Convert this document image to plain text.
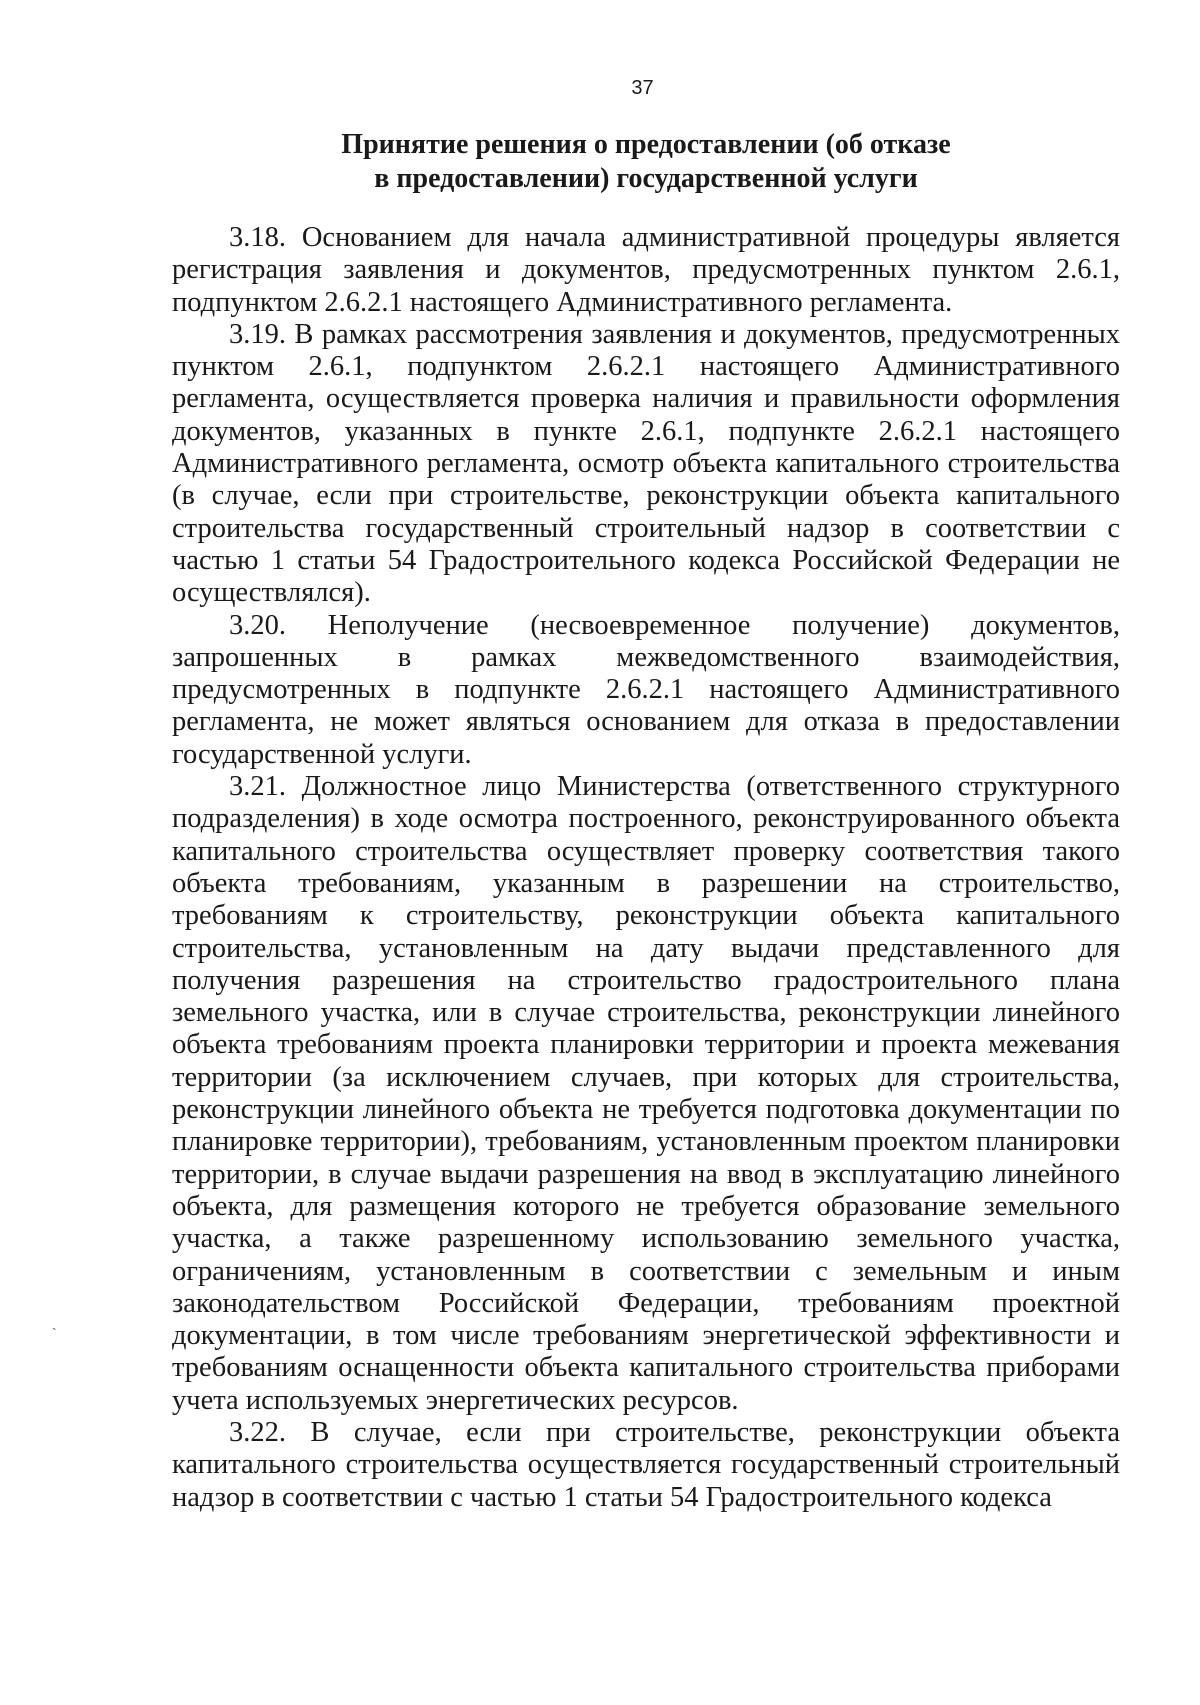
37
Принятие решения о предоставлении (об отказе
в предоставлении) государственной услуги

3.18. Основанием для начала административной процедуры является регистрация заявления и документов, предусмотренных пунктом 2.6.1, подпунктом 2.6.2.1 настоящего Административного регламента.

3.19. В рамках рассмотрения заявления и документов, предусмотренных пунктом 2.6.1, подпунктом 2.6.2.1 настоящего Административного регламента, осуществляется проверка наличия и правильности оформления документов, указанных в пункте 2.6.1, подпункте 2.6.2.1 настоящего Административного регламента, осмотр объекта капитального строительства (в случае, если при строительстве, реконструкции объекта капитального строительства государственный строительный надзор в соответствии с частью 1 статьи 54 Градостроительного кодекса Российской Федерации не осуществлялся).

3.20. Неполучение (несвоевременное получение) документов, запрошенных в рамках межведомственного взаимодействия, предусмотренных в подпункте 2.6.2.1 настоящего Административного регламента, не может являться основанием для отказа в предоставлении государственной услуги.

3.21. Должностное лицо Министерства (ответственного структурного подразделения) в ходе осмотра построенного, реконструированного объекта капитального строительства осуществляет проверку соответствия такого объекта требованиям, указанным в разрешении на строительство, требованиям к строительству, реконструкции объекта капитального строительства, установленным на дату выдачи представленного для получения разрешения на строительство градостроительного плана земельного участка, или в случае строительства, реконструкции линейного объекта требованиям проекта планировки территории и проекта межевания территории (за исключением случаев, при которых для строительства, реконструкции линейного объекта не требуется подготовка документации по планировке территории), требованиям, установленным проектом планировки территории, в случае выдачи разрешения на ввод в эксплуатацию линейного объекта, для размещения которого не требуется образование земельного участка, а также разрешенному использованию земельного участка, ограничениям, установленным в соответствии с земельным и иным законодательством Российской Федерации, требованиям проектной документации, в том числе требованиям энергетической эффективности и требованиям оснащенности объекта капитального строительства приборами учета используемых энергетических ресурсов.

3.22. В случае, если при строительстве, реконструкции объекта капитального строительства осуществляется государственный строительный надзор в соответствии с частью 1 статьи 54 Градостроительного кодекса

`
